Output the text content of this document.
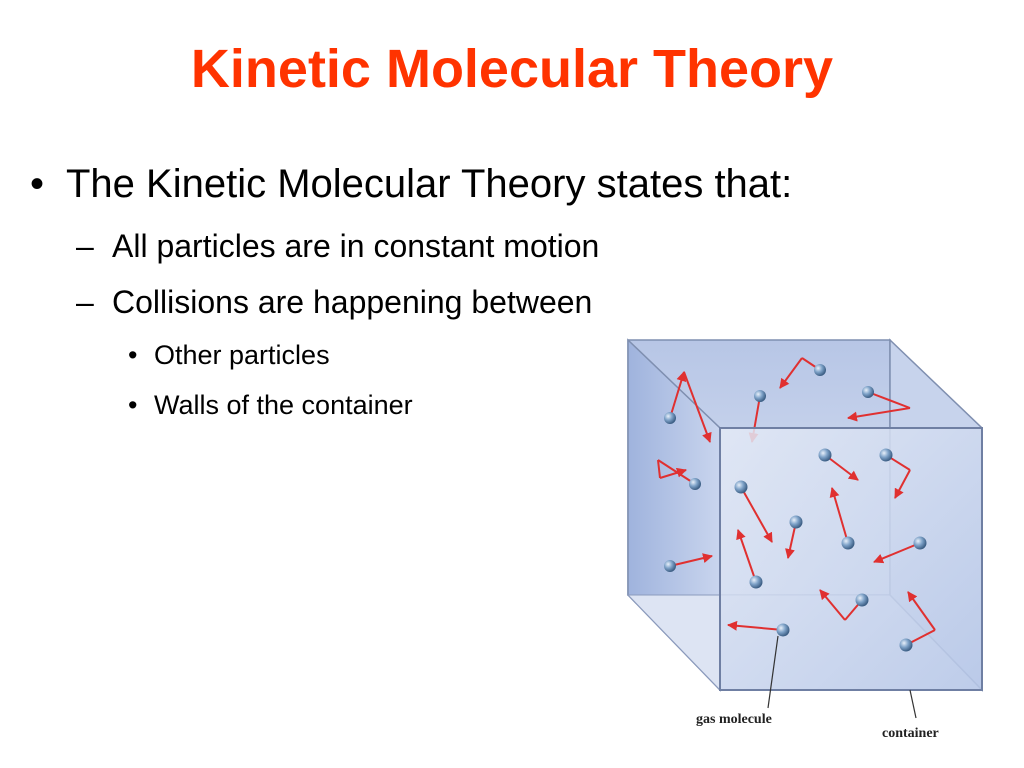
Kinetic Molecular Theory
• The Kinetic Molecular Theory states that:
– All particles are in constant motion
– Collisions are happening between
• Other particles
• Walls of the container
gas molecule
container
